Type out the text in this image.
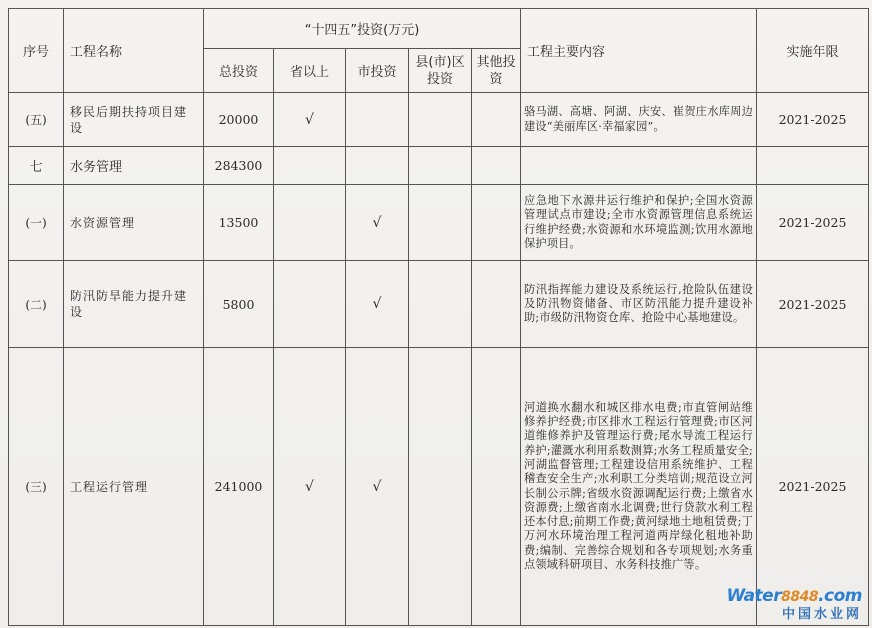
序号	工程名称	“十四五”投资(万元)					工程主要内容	实施年限
		总投资	省以上	市投资	县(市)区投资	其他投资		
(五)	移民后期扶持项目建设	20000	√				骆马湖、高塘、阿湖、庆安、崔贺庄水库周边建设“美丽库区·幸福家园”。	2021-2025
七	水务管理	284300						
(一)	水资源管理	13500		√			应急地下水源井运行维护和保护;全国水资源管理试点市建设;全市水资源管理信息系统运行维护经费;水资源和水环境监测;饮用水源地保护项目。	2021-2025
(二)	防汛防旱能力提升建设	5800		√			防汛指挥能力建设及系统运行,抢险队伍建设及防汛物资储备、市区防汛能力提升建设补助;市级防汛物资仓库、抢险中心基地建设。	2021-2025
(三)	工程运行管理	241000	√	√			河道换水翻水和城区排水电费;市直管闸站维修养护经费;市区排水工程运行管理费;市区河道维修养护及管理运行费;尾水导流工程运行养护;灌溉水利用系数测算;水务工程质量安全;河湖监督管理;工程建设信用系统维护、工程稽查安全生产;水利职工分类培训;规范设立河长制公示牌;省级水资源调配运行费;上缴省水资源费;上缴省南水北调费;世行贷款水利工程还本付息;前期工作费;黄河绿地土地租赁费;丁万河水环境治理工程河道两岸绿化租地补助费;编制、完善综合规划和各专项规划;水务重点领域科研项目、水务科技推广等。	2021-2025
Water8848.com
中国水业网
